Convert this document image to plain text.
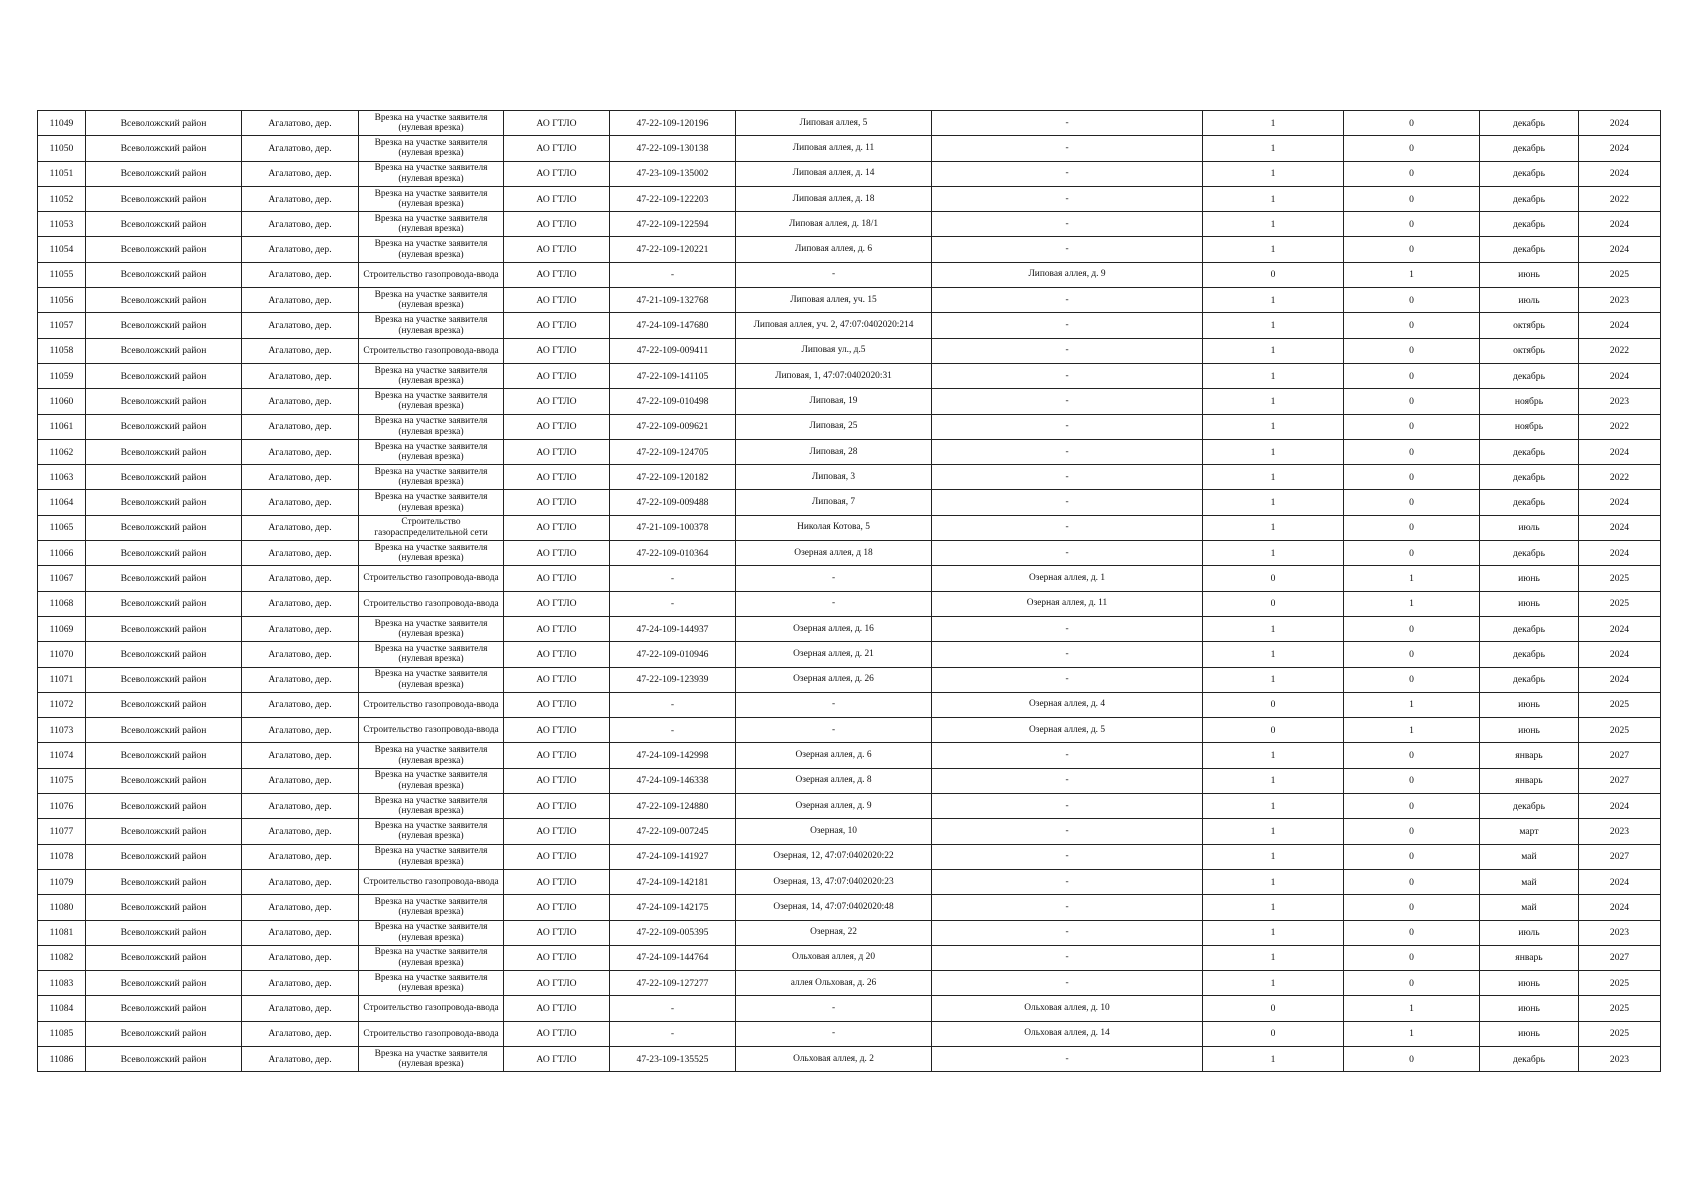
11049	Всеволожский район	Агалатово, дер.	Врезка на участке заявителя (нулевая врезка)	АО ГТЛО	47-22-109-120196	Липовая аллея, 5	-	1	0	декабрь	2024
11050	Всеволожский район	Агалатово, дер.	Врезка на участке заявителя (нулевая врезка)	АО ГТЛО	47-22-109-130138	Липовая аллея, д. 11	-	1	0	декабрь	2024
11051	Всеволожский район	Агалатово, дер.	Врезка на участке заявителя (нулевая врезка)	АО ГТЛО	47-23-109-135002	Липовая аллея, д. 14	-	1	0	декабрь	2024
11052	Всеволожский район	Агалатово, дер.	Врезка на участке заявителя (нулевая врезка)	АО ГТЛО	47-22-109-122203	Липовая аллея, д. 18	-	1	0	декабрь	2022
11053	Всеволожский район	Агалатово, дер.	Врезка на участке заявителя (нулевая врезка)	АО ГТЛО	47-22-109-122594	Липовая аллея, д. 18/1	-	1	0	декабрь	2024
11054	Всеволожский район	Агалатово, дер.	Врезка на участке заявителя (нулевая врезка)	АО ГТЛО	47-22-109-120221	Липовая аллея, д. 6	-	1	0	декабрь	2024
11055	Всеволожский район	Агалатово, дер.	Строительство газопровода-ввода	АО ГТЛО	-	-	Липовая аллея, д. 9	0	1	июнь	2025
11056	Всеволожский район	Агалатово, дер.	Врезка на участке заявителя (нулевая врезка)	АО ГТЛО	47-21-109-132768	Липовая аллея, уч. 15	-	1	0	июль	2023
11057	Всеволожский район	Агалатово, дер.	Врезка на участке заявителя (нулевая врезка)	АО ГТЛО	47-24-109-147680	Липовая аллея, уч. 2, 47:07:0402020:214	-	1	0	октябрь	2024
11058	Всеволожский район	Агалатово, дер.	Строительство газопровода-ввода	АО ГТЛО	47-22-109-009411	Липовая ул., д.5	-	1	0	октябрь	2022
11059	Всеволожский район	Агалатово, дер.	Врезка на участке заявителя (нулевая врезка)	АО ГТЛО	47-22-109-141105	Липовая, 1, 47:07:0402020:31	-	1	0	декабрь	2024
11060	Всеволожский район	Агалатово, дер.	Врезка на участке заявителя (нулевая врезка)	АО ГТЛО	47-22-109-010498	Липовая, 19	-	1	0	ноябрь	2023
11061	Всеволожский район	Агалатово, дер.	Врезка на участке заявителя (нулевая врезка)	АО ГТЛО	47-22-109-009621	Липовая, 25	-	1	0	ноябрь	2022
11062	Всеволожский район	Агалатово, дер.	Врезка на участке заявителя (нулевая врезка)	АО ГТЛО	47-22-109-124705	Липовая, 28	-	1	0	декабрь	2024
11063	Всеволожский район	Агалатово, дер.	Врезка на участке заявителя (нулевая врезка)	АО ГТЛО	47-22-109-120182	Липовая, 3	-	1	0	декабрь	2022
11064	Всеволожский район	Агалатово, дер.	Врезка на участке заявителя (нулевая врезка)	АО ГТЛО	47-22-109-009488	Липовая, 7	-	1	0	декабрь	2024
11065	Всеволожский район	Агалатово, дер.	Строительство газораспределительной сети	АО ГТЛО	47-21-109-100378	Николая Котова, 5	-	1	0	июль	2024
11066	Всеволожский район	Агалатово, дер.	Врезка на участке заявителя (нулевая врезка)	АО ГТЛО	47-22-109-010364	Озерная аллея, д 18	-	1	0	декабрь	2024
11067	Всеволожский район	Агалатово, дер.	Строительство газопровода-ввода	АО ГТЛО	-	-	Озерная аллея, д. 1	0	1	июнь	2025
11068	Всеволожский район	Агалатово, дер.	Строительство газопровода-ввода	АО ГТЛО	-	-	Озерная аллея, д. 11	0	1	июнь	2025
11069	Всеволожский район	Агалатово, дер.	Врезка на участке заявителя (нулевая врезка)	АО ГТЛО	47-24-109-144937	Озерная аллея, д. 16	-	1	0	декабрь	2024
11070	Всеволожский район	Агалатово, дер.	Врезка на участке заявителя (нулевая врезка)	АО ГТЛО	47-22-109-010946	Озерная аллея, д. 21	-	1	0	декабрь	2024
11071	Всеволожский район	Агалатово, дер.	Врезка на участке заявителя (нулевая врезка)	АО ГТЛО	47-22-109-123939	Озерная аллея, д. 26	-	1	0	декабрь	2024
11072	Всеволожский район	Агалатово, дер.	Строительство газопровода-ввода	АО ГТЛО	-	-	Озерная аллея, д. 4	0	1	июнь	2025
11073	Всеволожский район	Агалатово, дер.	Строительство газопровода-ввода	АО ГТЛО	-	-	Озерная аллея, д. 5	0	1	июнь	2025
11074	Всеволожский район	Агалатово, дер.	Врезка на участке заявителя (нулевая врезка)	АО ГТЛО	47-24-109-142998	Озерная аллея, д. 6	-	1	0	январь	2027
11075	Всеволожский район	Агалатово, дер.	Врезка на участке заявителя (нулевая врезка)	АО ГТЛО	47-24-109-146338	Озерная аллея, д. 8	-	1	0	январь	2027
11076	Всеволожский район	Агалатово, дер.	Врезка на участке заявителя (нулевая врезка)	АО ГТЛО	47-22-109-124880	Озерная аллея, д. 9	-	1	0	декабрь	2024
11077	Всеволожский район	Агалатово, дер.	Врезка на участке заявителя (нулевая врезка)	АО ГТЛО	47-22-109-007245	Озерная, 10	-	1	0	март	2023
11078	Всеволожский район	Агалатово, дер.	Врезка на участке заявителя (нулевая врезка)	АО ГТЛО	47-24-109-141927	Озерная, 12, 47:07:0402020:22	-	1	0	май	2027
11079	Всеволожский район	Агалатово, дер.	Строительство газопровода-ввода	АО ГТЛО	47-24-109-142181	Озерная, 13, 47:07:0402020:23	-	1	0	май	2024
11080	Всеволожский район	Агалатово, дер.	Врезка на участке заявителя (нулевая врезка)	АО ГТЛО	47-24-109-142175	Озерная, 14, 47:07:0402020:48	-	1	0	май	2024
11081	Всеволожский район	Агалатово, дер.	Врезка на участке заявителя (нулевая врезка)	АО ГТЛО	47-22-109-005395	Озерная, 22	-	1	0	июль	2023
11082	Всеволожский район	Агалатово, дер.	Врезка на участке заявителя (нулевая врезка)	АО ГТЛО	47-24-109-144764	Ольховая аллея, д 20	-	1	0	январь	2027
11083	Всеволожский район	Агалатово, дер.	Врезка на участке заявителя (нулевая врезка)	АО ГТЛО	47-22-109-127277	аллея Ольховая, д. 26	-	1	0	июнь	2025
11084	Всеволожский район	Агалатово, дер.	Строительство газопровода-ввода	АО ГТЛО	-	-	Ольховая аллея, д. 10	0	1	июнь	2025
11085	Всеволожский район	Агалатово, дер.	Строительство газопровода-ввода	АО ГТЛО	-	-	Ольховая аллея, д. 14	0	1	июнь	2025
11086	Всеволожский район	Агалатово, дер.	Врезка на участке заявителя (нулевая врезка)	АО ГТЛО	47-23-109-135525	Ольховая аллея, д. 2	-	1	0	декабрь	2023
